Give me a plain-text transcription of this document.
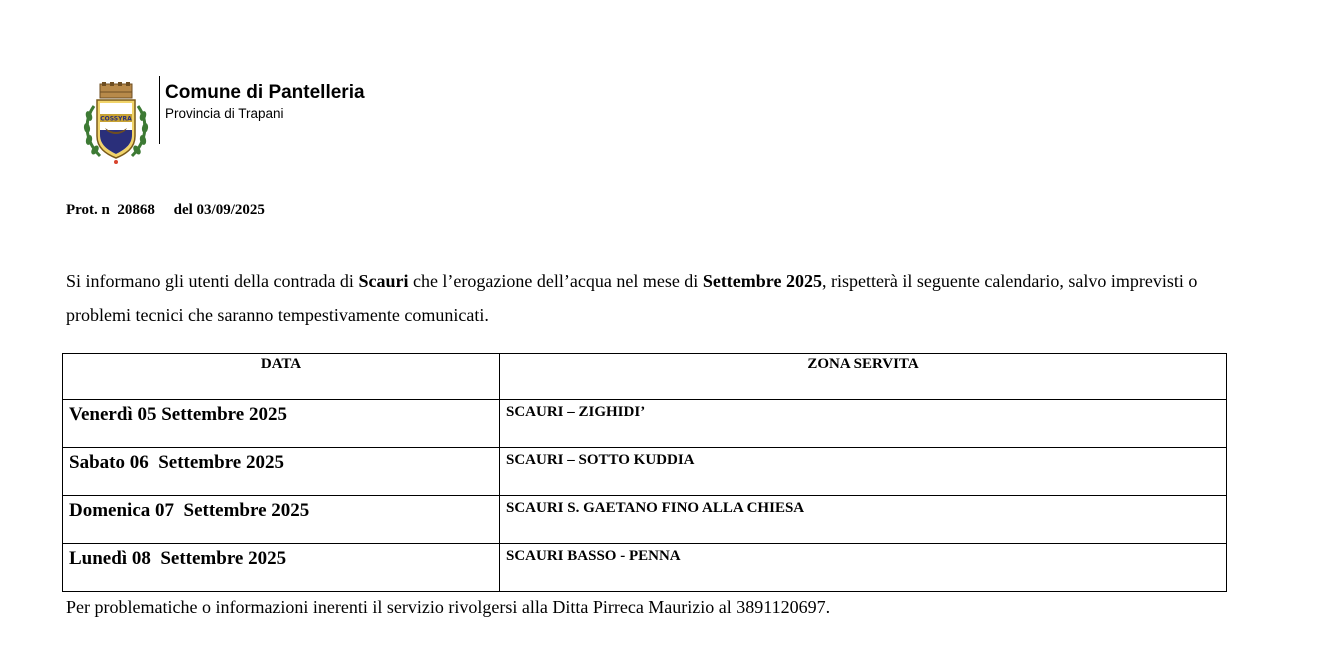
COSSYRA
Comune di Pantelleria
Provincia di Trapani
Prot. n  20868     del 03/09/2025
Si informano gli utenti della contrada di Scauri che l’erogazione dell’acqua nel mese di Settembre 2025, rispetterà il seguente calendario, salvo imprevisti o problemi tecnici che saranno tempestivamente comunicati.
DATA	ZONA SERVITA
Venerdì 05 Settembre 2025	SCAURI – ZIGHIDI’
Sabato 06  Settembre 2025	SCAURI – SOTTO KUDDIA
Domenica 07  Settembre 2025	SCAURI S. GAETANO FINO ALLA CHIESA
Lunedì 08  Settembre 2025	SCAURI BASSO - PENNA
Per problematiche o informazioni inerenti il servizio rivolgersi alla Ditta Pirreca Maurizio al 3891120697.
